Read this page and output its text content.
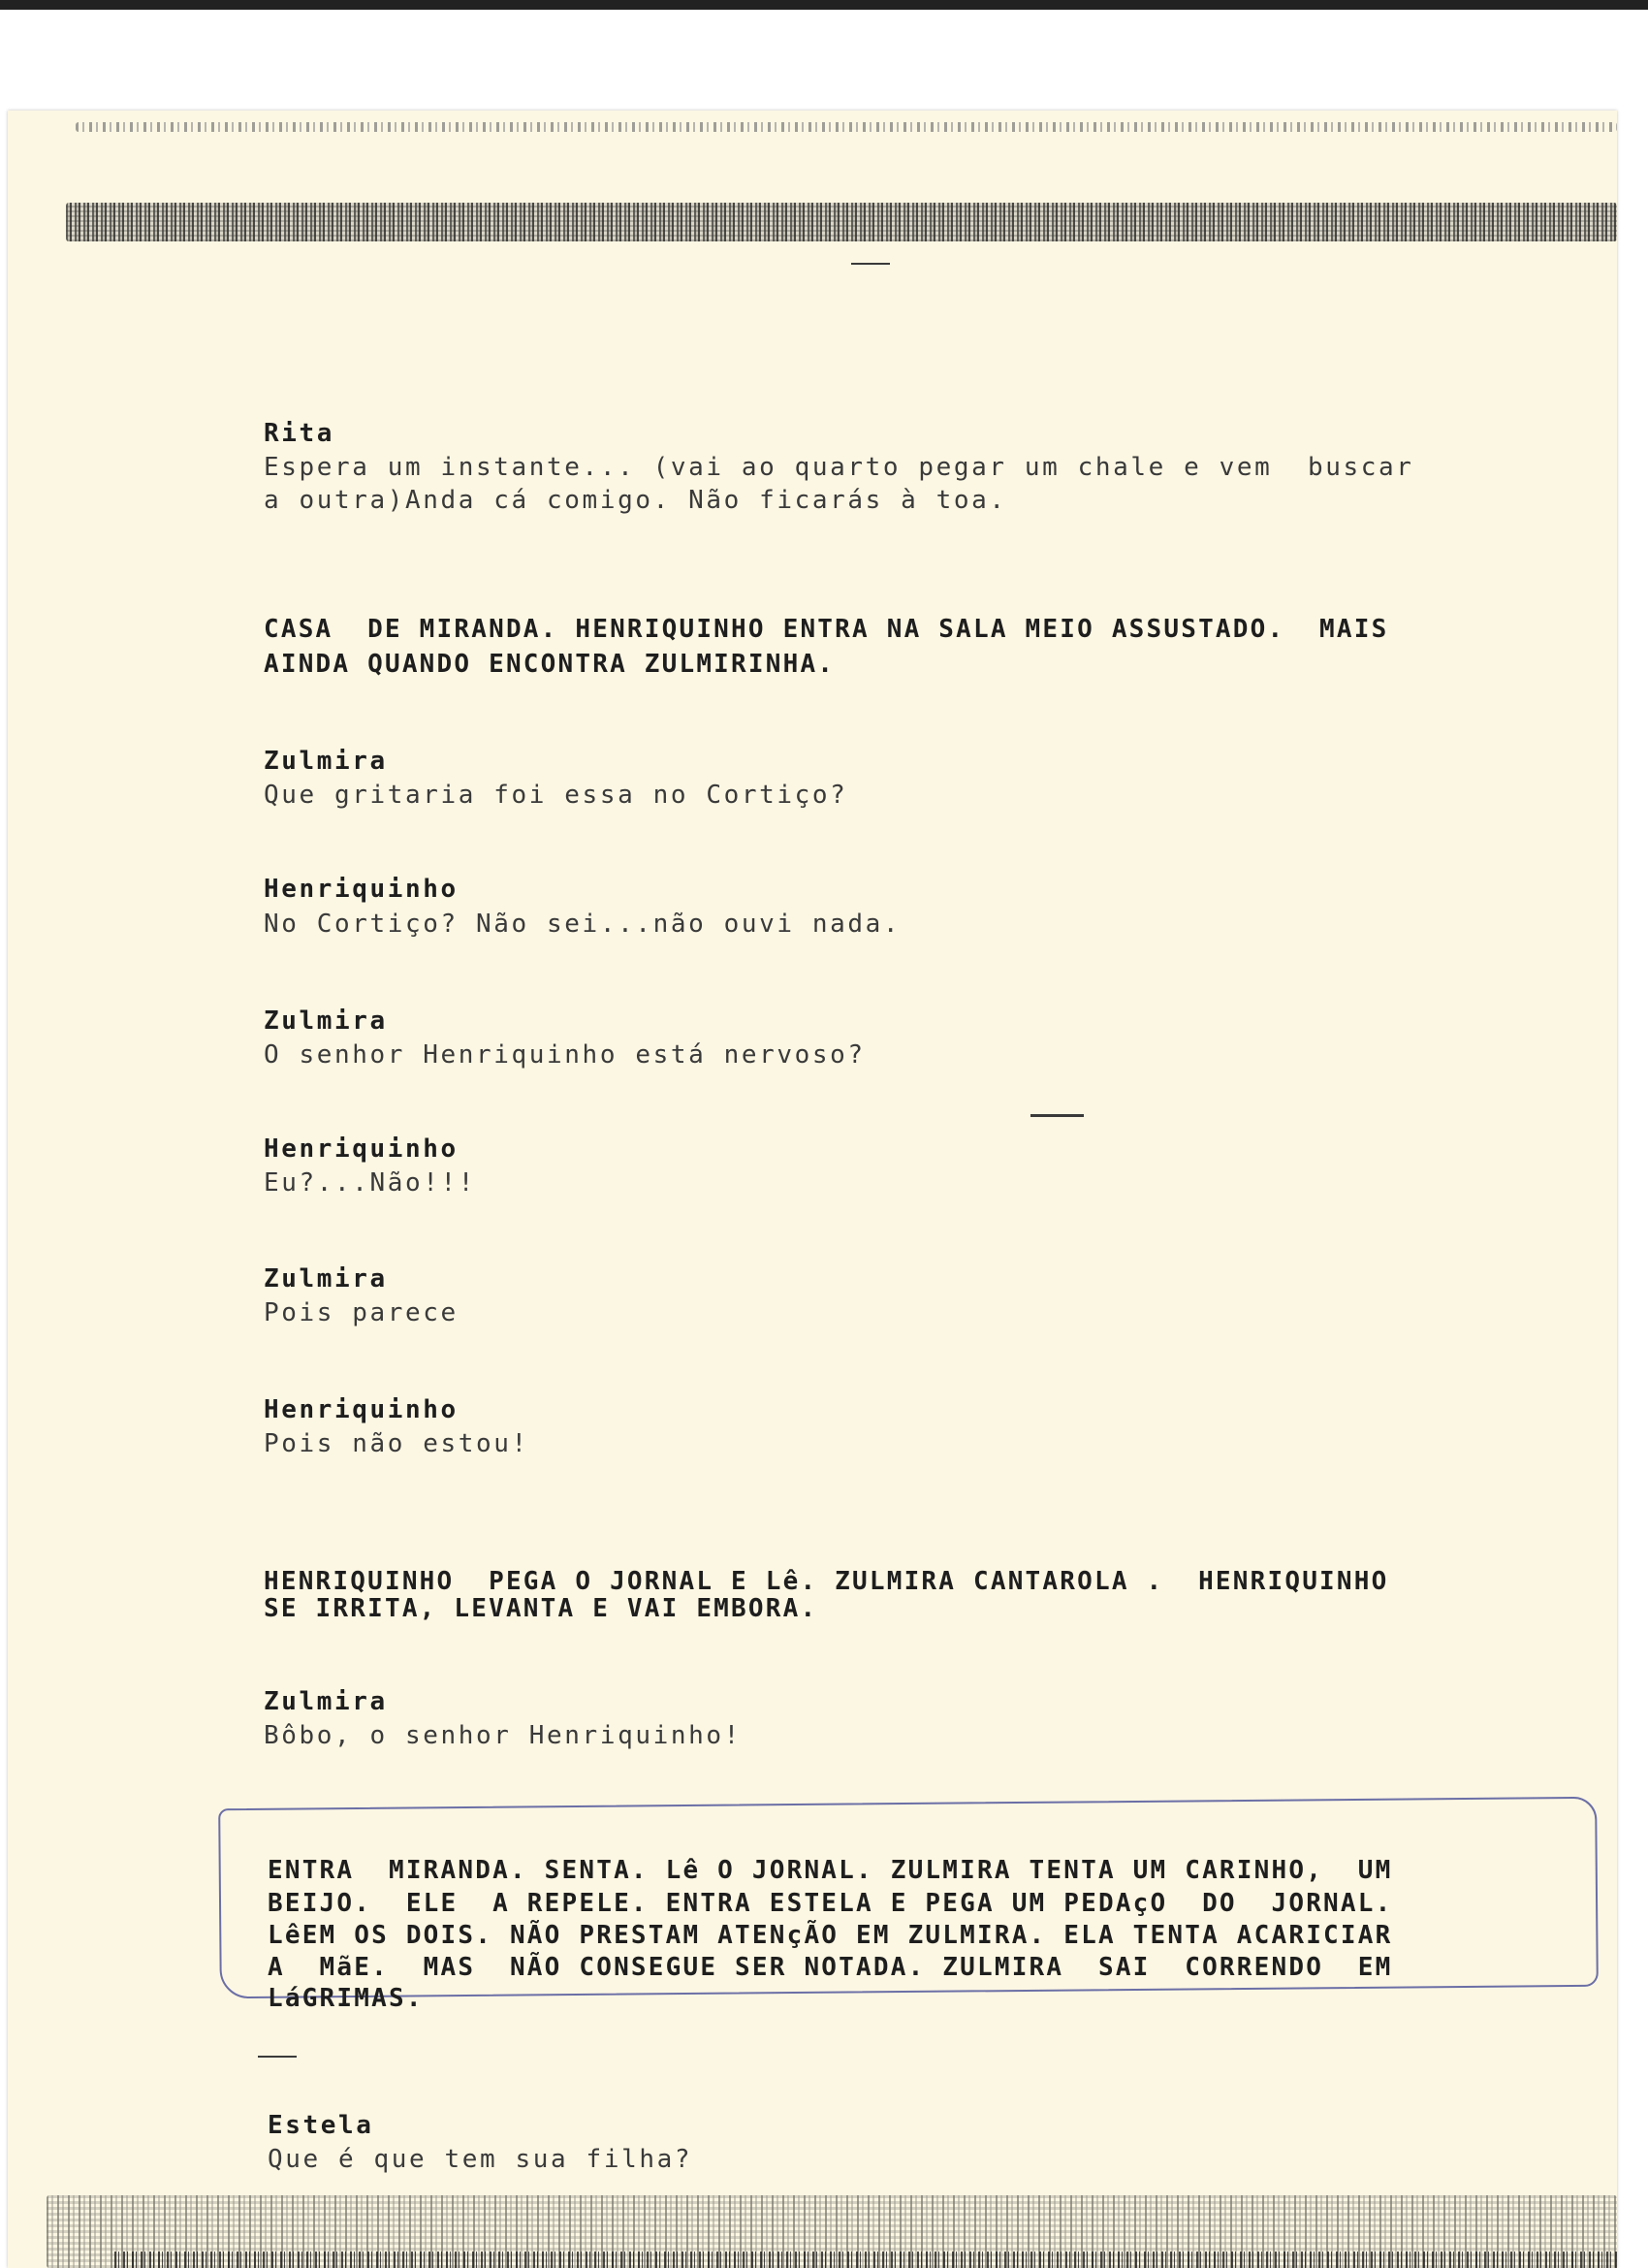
Rita
Espera um instante... (vai ao quarto pegar um chale e vem  buscar
a outra)Anda cá comigo. Não ficarás à toa.
CASA  DE MIRANDA. HENRIQUINHO ENTRA NA SALA MEIO ASSUSTADO.  MAIS
AINDA QUANDO ENCONTRA ZULMIRINHA.
Zulmira
Que gritaria foi essa no Cortiço?
Henriquinho
No Cortiço? Não sei...não ouvi nada.
Zulmira
O senhor Henriquinho está nervoso?
Henriquinho
Eu?...Não!!!
Zulmira
Pois parece
Henriquinho
Pois não estou!
HENRIQUINHO  PEGA O JORNAL E Lê. ZULMIRA CANTAROLA .  HENRIQUINHO
SE IRRITA, LEVANTA E VAI EMBORA.
Zulmira
Bôbo, o senhor Henriquinho!
ENTRA  MIRANDA. SENTA. Lê O JORNAL. ZULMIRA TENTA UM CARINHO,  UM
BEIJO.  ELE  A REPELE. ENTRA ESTELA E PEGA UM PEDAçO  DO  JORNAL.
LêEM OS DOIS. NÃO PRESTAM ATENçÃO EM ZULMIRA. ELA TENTA ACARICIAR
A  MãE.  MAS  NÃO CONSEGUE SER NOTADA. ZULMIRA  SAI  CORRENDO  EM
LáGRIMAS.
Estela
Que é que tem sua filha?
